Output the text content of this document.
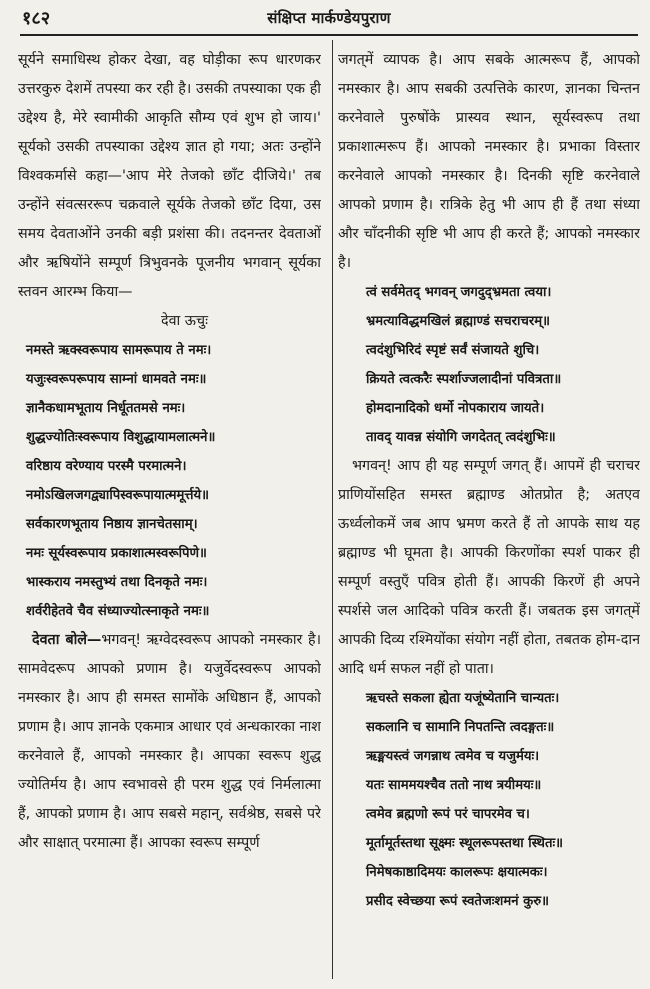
१८२	संक्षिप्त मार्कण्डेयपुराण

सूर्यने समाधिस्थ होकर देखा, वह घोड़ीका रूप धारणकर उत्तरकुरु देशमें तपस्या कर रही है। उसकी तपस्याका एक ही उद्देश्य है, मेरे स्वामीकी आकृति सौम्य एवं शुभ हो जाय।' सूर्यको उसकी तपस्याका उद्देश्य ज्ञात हो गया; अतः उन्होंने विश्वकर्मासे कहा—'आप मेरे तेजको छाँट दीजिये।' तब उन्होंने संवत्सररूप चक्रवाले सूर्यके तेजको छाँट दिया, उस समय देवताओंने उनकी बड़ी प्रशंसा की। तदनन्तर देवताओं और ऋषियोंने सम्पूर्ण त्रिभुवनके पूजनीय भगवान् सूर्यका स्तवन आरम्भ किया—

देवा ऊचुः

नमस्ते ऋक्स्वरूपाय सामरूपाय ते नमः।

यजुःस्वरूपरूपाय साम्नां धामवते नमः॥

ज्ञानैकधामभूताय निर्धूततमसे नमः।

शुद्धज्योतिःस्वरूपाय विशुद्धायामलात्मने॥

वरिष्ठाय वरेण्याय परस्मै परमात्मने।

नमोऽखिलजगद्व्यापिस्वरूपायात्ममूर्त्तये॥

सर्वकारणभूताय निष्ठाय ज्ञानचेतसाम्।

नमः सूर्यस्वरूपाय प्रकाशात्मस्वरूपिणे॥

भास्कराय नमस्तुभ्यं तथा दिनकृते नमः।

शर्वरीहेतवे चैव संध्याज्योत्स्नाकृते नमः॥

देवता बोले—भगवन्! ऋग्वेदस्वरूप आपको नमस्कार है। सामवेदरूप आपको प्रणाम है। यजुर्वेदस्वरूप आपको नमस्कार है। आप ही समस्त सामोंके अधिष्ठान हैं, आपको प्रणाम है। आप ज्ञानके एकमात्र आधार एवं अन्धकारका नाश करनेवाले हैं, आपको नमस्कार है। आपका स्वरूप शुद्ध ज्योतिर्मय है। आप स्वभावसे ही परम शुद्ध एवं निर्मलात्मा हैं, आपको प्रणाम है। आप सबसे महान्, सर्वश्रेष्ठ, सबसे परे और साक्षात् परमात्मा हैं। आपका स्वरूप सम्पूर्ण

जगत्‌में व्यापक है। आप सबके आत्मरूप हैं, आपको नमस्कार है। आप सबकी उत्पत्तिके कारण, ज्ञानका चिन्तन करनेवाले पुरुषोंके प्रास्यव स्थान, सूर्यस्वरूप तथा प्रकाशात्मरूप हैं। आपको नमस्कार है। प्रभाका विस्तार करनेवाले आपको नमस्कार है। दिनकी सृष्टि करनेवाले आपको प्रणाम है। रात्रिके हेतु भी आप ही हैं तथा संध्या और चाँदनीकी सृष्टि भी आप ही करते हैं; आपको नमस्कार है।

त्वं सर्वमेतद् भगवन् जगदुद्भ्रमता त्वया।

भ्रमत्याविद्धमखिलं ब्रह्माण्डं सचराचरम्॥

त्वदंशुभिरिदं स्पृष्टं सर्वं संजायते शुचि।

क्रियते त्वत्करैः स्पर्शाज्जलादीनां पवित्रता॥

होमदानादिको धर्मो नोपकाराय जायते।

तावद् यावन्न संयोगि जगदेतत् त्वदंशुभिः॥

भगवन्! आप ही यह सम्पूर्ण जगत् हैं। आपमें ही चराचर प्राणियोंसहित समस्त ब्रह्माण्ड ओतप्रोत है; अतएव ऊर्ध्वलोकमें जब आप भ्रमण करते हैं तो आपके साथ यह ब्रह्माण्ड भी घूमता है। आपकी किरणोंका स्पर्श पाकर ही सम्पूर्ण वस्तुएँ पवित्र होती हैं। आपकी किरणें ही अपने स्पर्शसे जल आदिको पवित्र करती हैं। जबतक इस जगत्‌में आपकी दिव्य रश्मियोंका संयोग नहीं होता, तबतक होम-दान आदि धर्म सफल नहीं हो पाता।

ऋचस्ते सकला ह्येता यजूंष्येतानि चान्यतः।

सकलानि च सामानि निपतन्ति त्वदङ्गतः॥

ऋङ्मयस्त्वं जगन्नाथ त्वमेव च यजुर्मयः।

यतः साममयश्चैव ततो नाथ त्रयीमयः॥

त्वमेव ब्रह्मणो रूपं परं चापरमेव च।

मूर्तामूर्तस्तथा सूक्ष्मः स्थूलरूपस्तथा स्थितः॥

निमेषकाष्ठादिमयः कालरूपः क्षयात्मकः।

प्रसीद स्वेच्छया रूपं स्वतेजःशमनं कुरु॥
